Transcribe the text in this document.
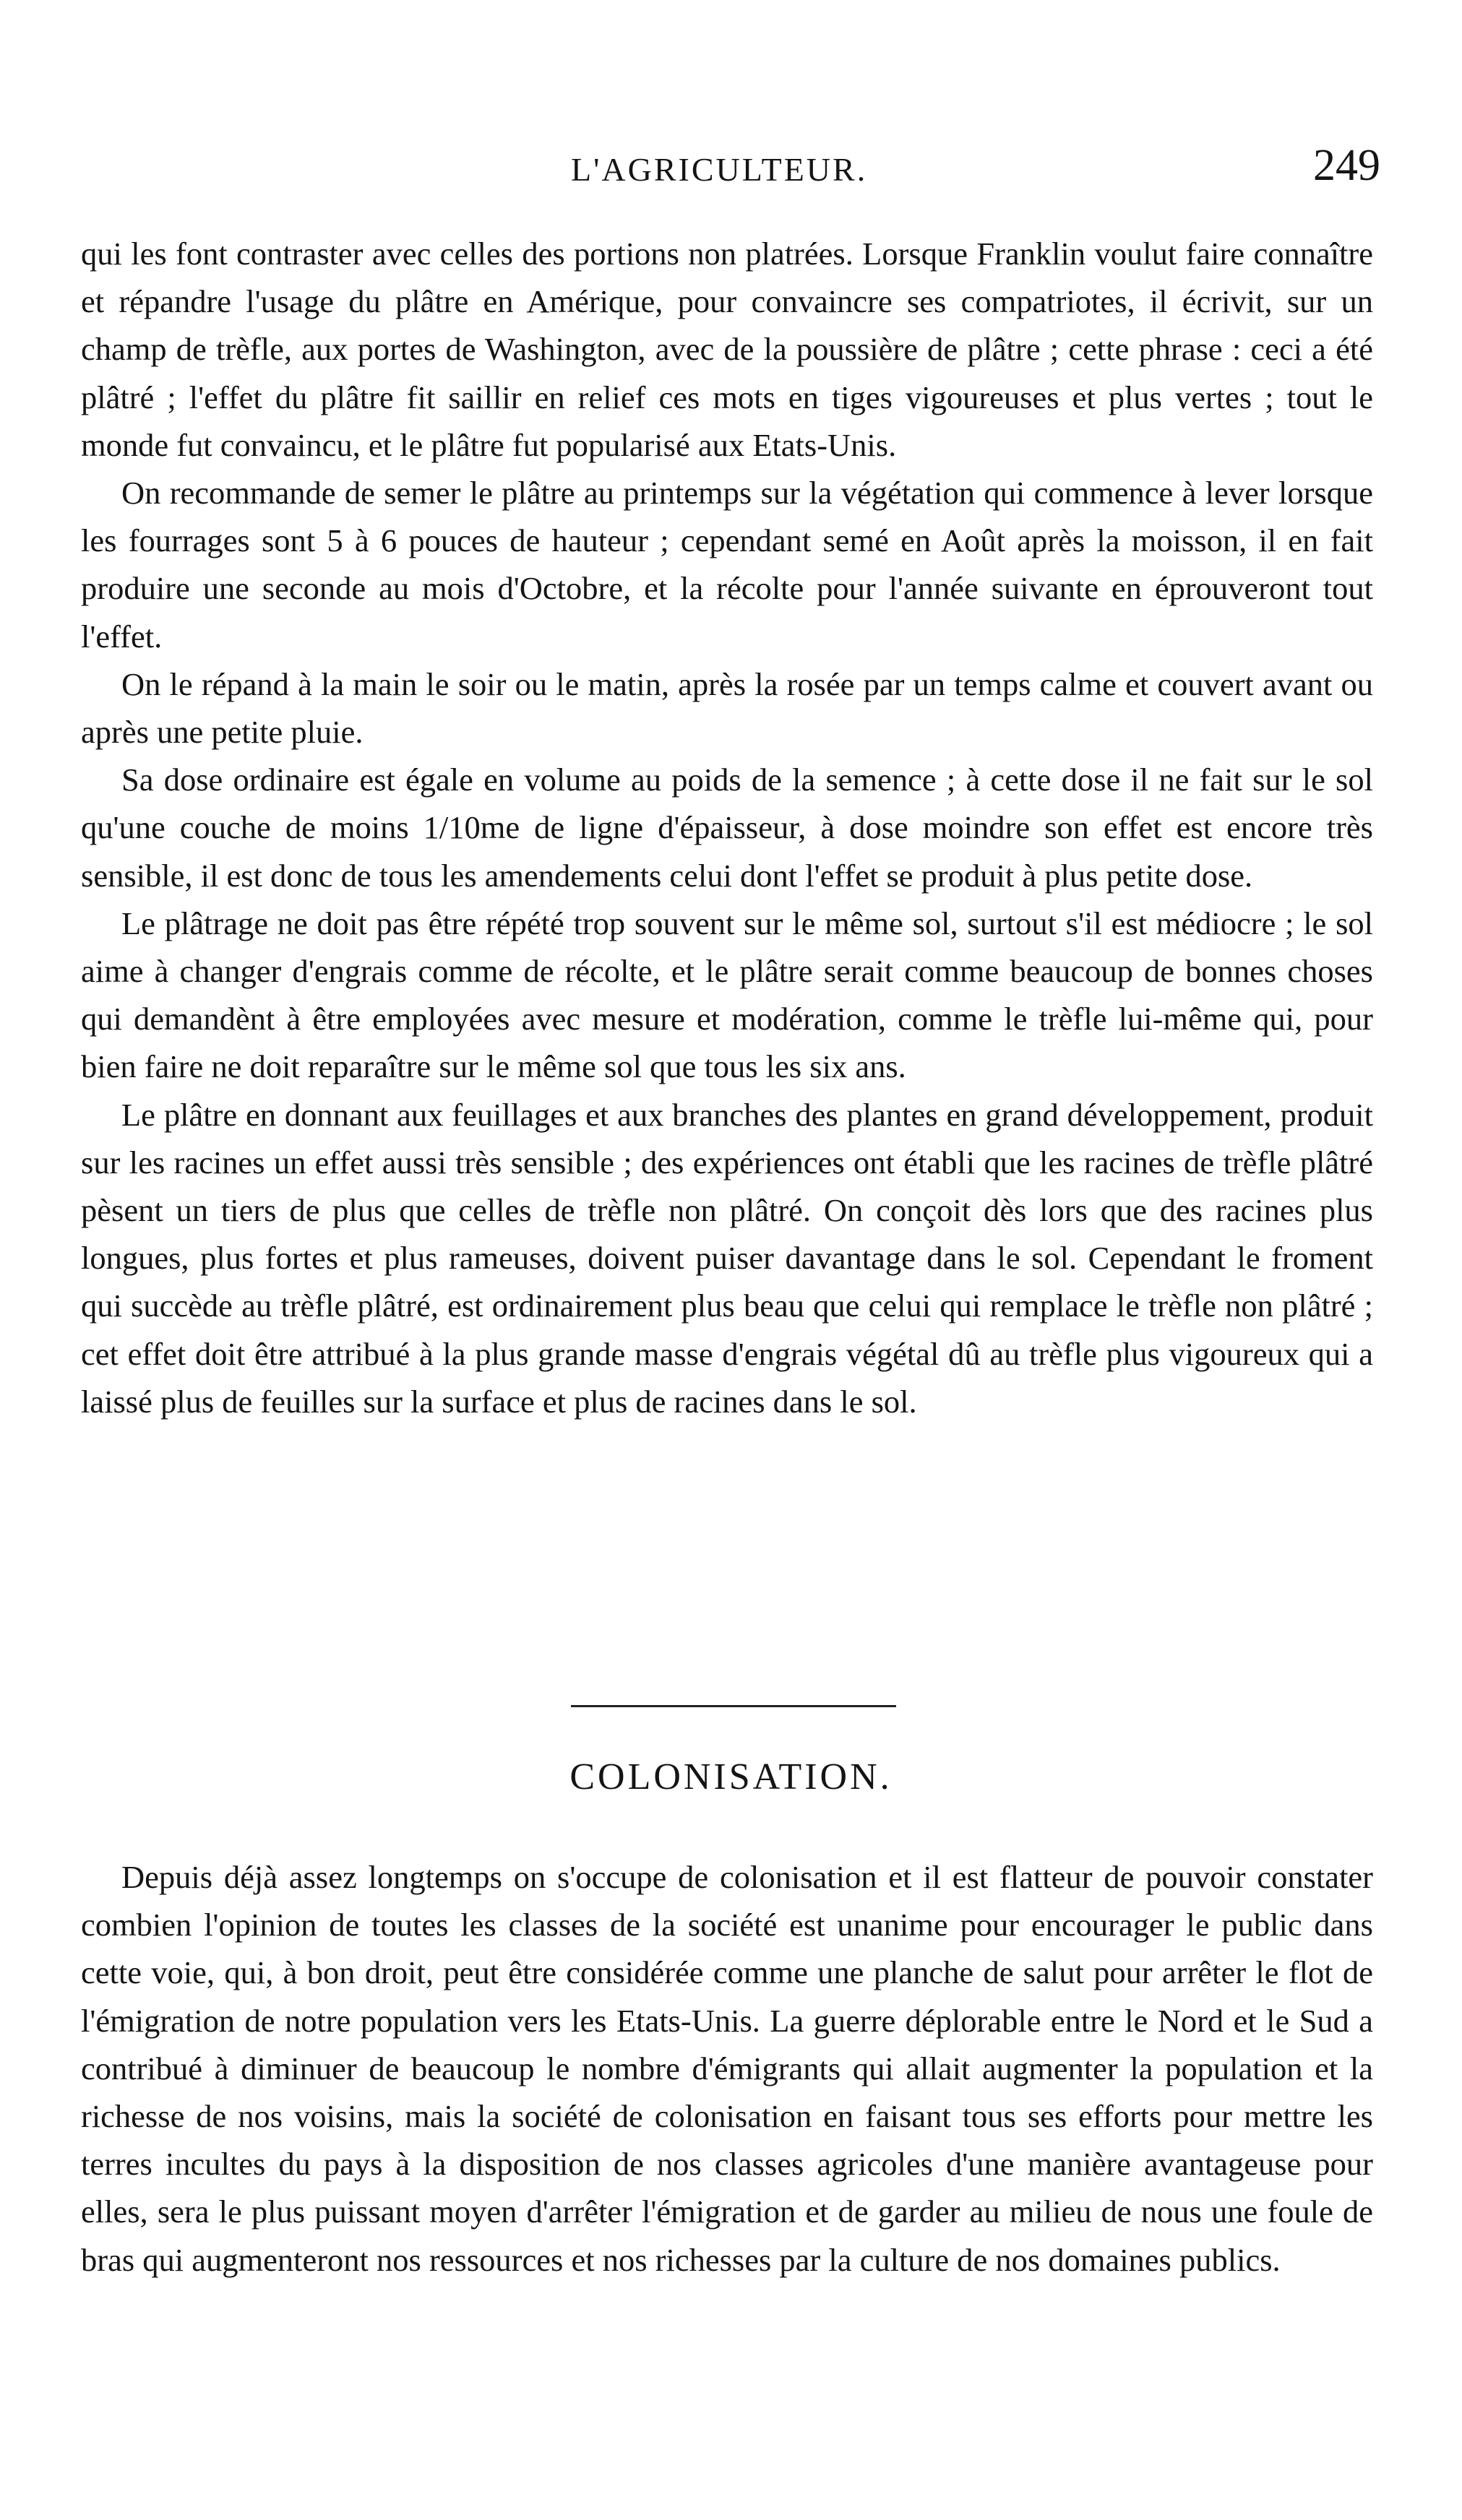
L'AGRICULTEUR.	249

qui les font contraster avec celles des portions non platrées. Lorsque Franklin voulut faire connaître et répandre l'usage du plâtre en Amérique, pour convaincre ses compatriotes, il écrivit, sur un champ de trèfle, aux portes de Washington, avec de la poussière de plâtre ; cette phrase : ceci a été plâtré ; l'effet du plâtre fit saillir en relief ces mots en tiges vigoureuses et plus vertes ; tout le monde fut convaincu, et le plâtre fut popularisé aux Etats-Unis.

On recommande de semer le plâtre au printemps sur la végétation qui commence à lever lorsque les fourrages sont 5 à 6 pouces de hauteur ; cependant semé en Août après la moisson, il en fait produire une seconde au mois d'Octobre, et la récolte pour l'année suivante en éprouveront tout l'effet.

On le répand à la main le soir ou le matin, après la rosée par un temps calme et couvert avant ou après une petite pluie.

Sa dose ordinaire est égale en volume au poids de la semence ; à cette dose il ne fait sur le sol qu'une couche de moins 1/10me de ligne d'épaisseur, à dose moindre son effet est encore très sensible, il est donc de tous les amendements celui dont l'effet se produit à plus petite dose.

Le plâtrage ne doit pas être répété trop souvent sur le même sol, surtout s'il est médiocre ; le sol aime à changer d'engrais comme de récolte, et le plâtre serait comme beaucoup de bonnes choses qui demandènt à être employées avec mesure et modération, comme le trèfle lui-même qui, pour bien faire ne doit reparaître sur le même sol que tous les six ans.

Le plâtre en donnant aux feuillages et aux branches des plantes en grand développement, produit sur les racines un effet aussi très sensible ; des expériences ont établi que les racines de trèfle plâtré pèsent un tiers de plus que celles de trèfle non plâtré. On conçoit dès lors que des racines plus longues, plus fortes et plus rameuses, doivent puiser davantage dans le sol. Cependant le froment qui succède au trèfle plâtré, est ordinairement plus beau que celui qui remplace le trèfle non plâtré ; cet effet doit être attribué à la plus grande masse d'engrais végétal dû au trèfle plus vigoureux qui a laissé plus de feuilles sur la surface et plus de racines dans le sol.

COLONISATION.

Depuis déjà assez longtemps on s'occupe de colonisation et il est flatteur de pouvoir constater combien l'opinion de toutes les classes de la société est unanime pour encourager le public dans cette voie, qui, à bon droit, peut être considérée comme une planche de salut pour arrêter le flot de l'émigration de notre population vers les Etats-Unis. La guerre déplorable entre le Nord et le Sud a contribué à diminuer de beaucoup le nombre d'émigrants qui allait augmenter la population et la richesse de nos voisins, mais la société de colonisation en faisant tous ses efforts pour mettre les terres incultes du pays à la disposition de nos classes agricoles d'une manière avantageuse pour elles, sera le plus puissant moyen d'arrêter l'émigration et de garder au milieu de nous une foule de bras qui augmenteront nos ressources et nos richesses par la culture de nos domaines publics.
